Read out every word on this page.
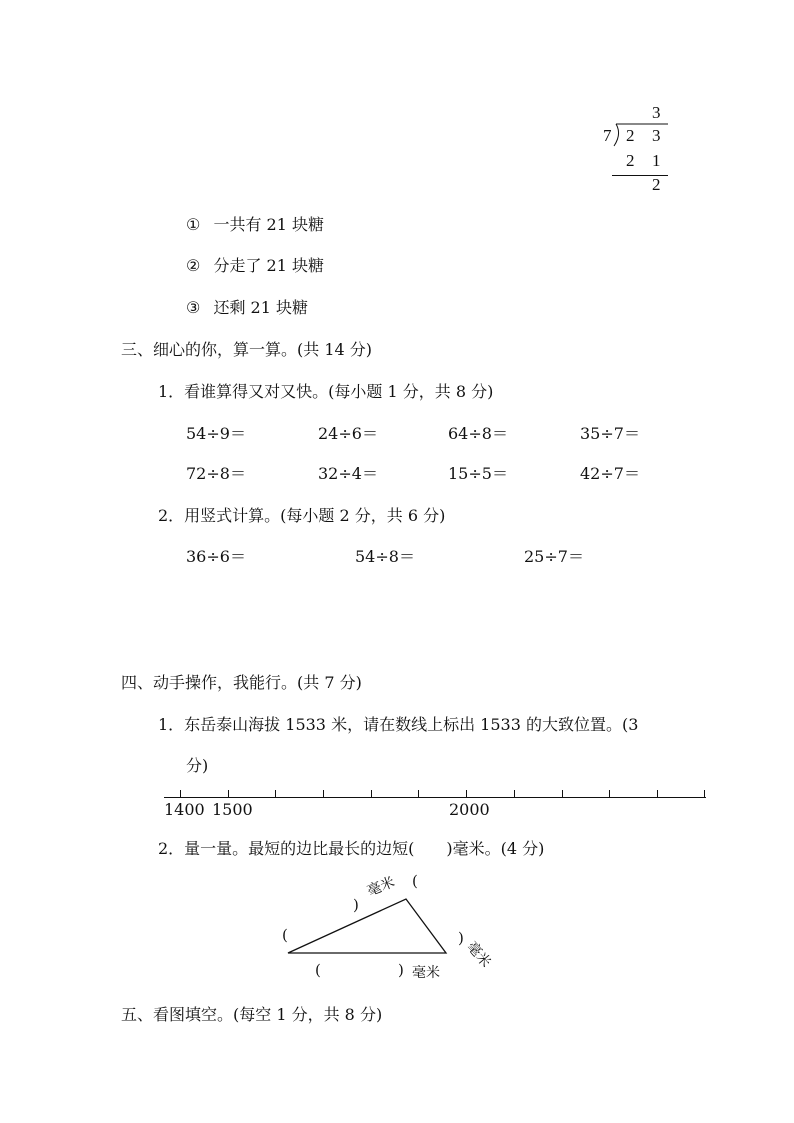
3
7 2 3
2 1
2
① 一共有 21 块糖
② 分走了 21 块糖
③ 还剩 21 块糖
三、细心的你，算一算。(共 14 分)
1．看谁算得又对又快。(每小题 1 分，共 8 分)
54÷9＝	24÷6＝	64÷8＝	35÷7＝
72÷8＝	32÷4＝	15÷5＝	42÷7＝
2．用竖式计算。(每小题 2 分，共 6 分)
36÷6＝	54÷8＝	25÷7＝
四、动手操作，我能行。(共 7 分)
1．东岳泰山海拔 1533 米，请在数线上标出 1533 的大致位置。(3
分)
1400 1500	2000
2．量一量。最短的边比最长的边短(　　)毫米。(4 分)
(
)
毫米 (
)
毫米
(	) 毫米
五、看图填空。(每空 1 分，共 8 分)
